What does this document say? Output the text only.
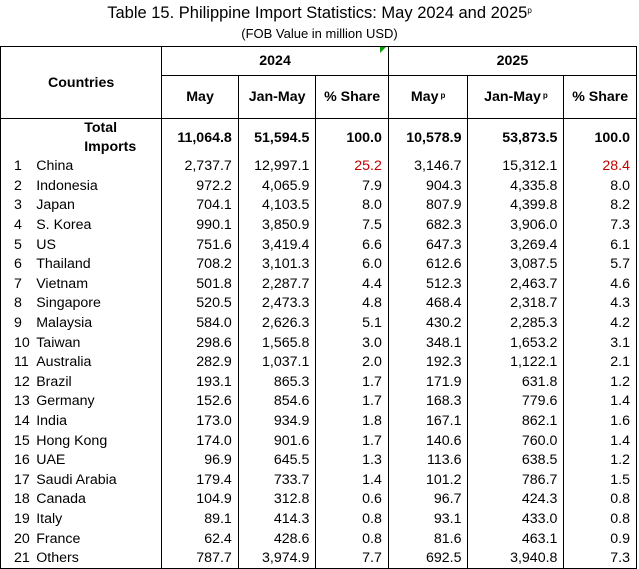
Table 15. Philippine Import Statistics: May 2024 and 2025$^p$
(FOB Value in million USD)
Countries		2024			2025		
		May	Jan-May	% Share	May $^p$	Jan-May $^p$	% Share
	Total Imports	11,064.8	51,594.5	100.0	10,578.9	53,873.5	100.0
1	China	2,737.7	12,997.1	25.2	3,146.7	15,312.1	28.4
2	Indonesia	972.2	4,065.9	7.9	904.3	4,335.8	8.0
3	Japan	704.1	4,103.5	8.0	807.9	4,399.8	8.2
4	S. Korea	990.1	3,850.9	7.5	682.3	3,906.0	7.3
5	US	751.6	3,419.4	6.6	647.3	3,269.4	6.1
6	Thailand	708.2	3,101.3	6.0	612.6	3,087.5	5.7
7	Vietnam	501.8	2,287.7	4.4	512.3	2,463.7	4.6
8	Singapore	520.5	2,473.3	4.8	468.4	2,318.7	4.3
9	Malaysia	584.0	2,626.3	5.1	430.2	2,285.3	4.2
10	Taiwan	298.6	1,565.8	3.0	348.1	1,653.2	3.1
11	Australia	282.9	1,037.1	2.0	192.3	1,122.1	2.1
12	Brazil	193.1	865.3	1.7	171.9	631.8	1.2
13	Germany	152.6	854.6	1.7	168.3	779.6	1.4
14	India	173.0	934.9	1.8	167.1	862.1	1.6
15	Hong Kong	174.0	901.6	1.7	140.6	760.0	1.4
16	UAE	96.9	645.5	1.3	113.6	638.5	1.2
17	Saudi Arabia	179.4	733.7	1.4	101.2	786.7	1.5
18	Canada	104.9	312.8	0.6	96.7	424.3	0.8
19	Italy	89.1	414.3	0.8	93.1	433.0	0.8
20	France	62.4	428.6	0.8	81.6	463.1	0.9
21	Others	787.7	3,974.9	7.7	692.5	3,940.8	7.3
